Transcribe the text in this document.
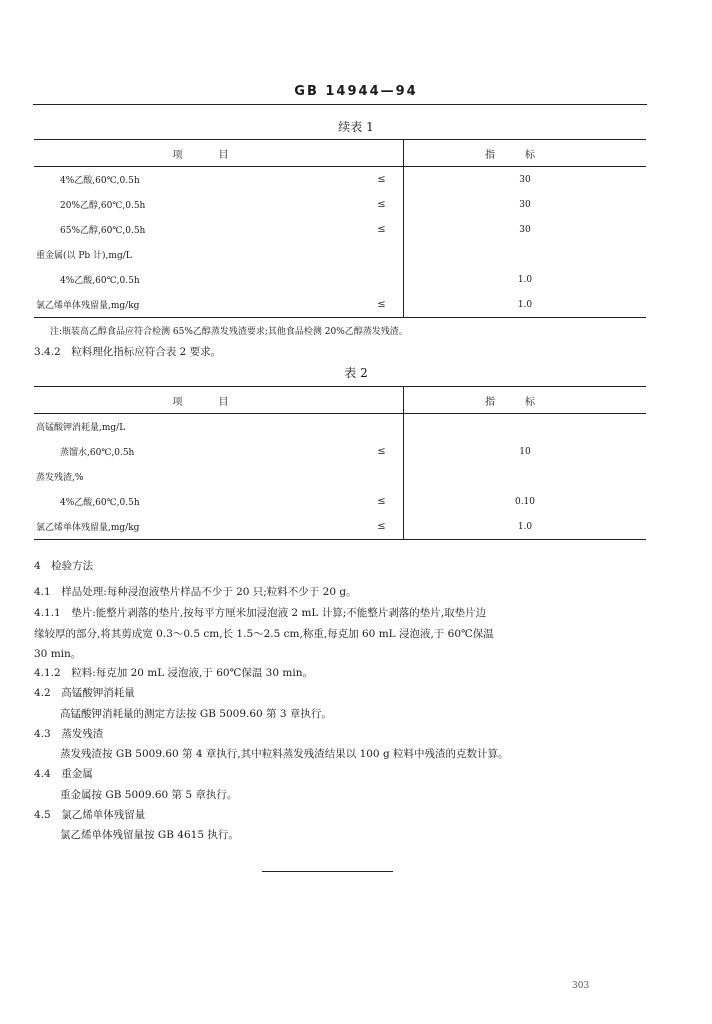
GB 14944—94
续表 1
项目		指标
4%乙酸,60℃,0.5h	≤	30
20%乙醇,60℃,0.5h	≤	30
65%乙醇,60℃,0.5h	≤	30
重金属(以 Pb 计),mg/L		
4%乙酸,60℃,0.5h		1.0
氯乙烯单体残留量,mg/kg	≤	1.0
注:瓶装高乙醇食品应符合检测 65%乙醇蒸发残渣要求;其他食品检测 20%乙醇蒸发残渣。
3.4.2　粒料理化指标应符合表 2 要求。
表 2
项目		指标
高锰酸钾消耗量,mg/L		
蒸馏水,60℃,0.5h	≤	10
蒸发残渣,%		
4%乙酸,60℃,0.5h	≤	0.10
氯乙烯单体残留量,mg/kg	≤	1.0
4　检验方法
4.1　样品处理:每种浸泡液垫片样品不少于 20 只;粒料不少于 20 g。
4.1.1　垫片:能整片剥落的垫片,按每平方厘米加浸泡液 2 mL 计算;不能整片剥落的垫片,取垫片边
缘较厚的部分,将其剪成宽 0.3～0.5 cm,长 1.5～2.5 cm,称重,每克加 60 mL 浸泡液,于 60℃保温
30 min。
4.1.2　粒料:每克加 20 mL 浸泡液,于 60℃保温 30 min。
4.2　高锰酸钾消耗量
高锰酸钾消耗量的测定方法按 GB 5009.60 第 3 章执行。
4.3　蒸发残渣
蒸发残渣按 GB 5009.60 第 4 章执行,其中粒料蒸发残渣结果以 100 g 粒料中残渣的克数计算。
4.4　重金属
重金属按 GB 5009.60 第 5 章执行。
4.5　氯乙烯单体残留量
氯乙烯单体残留量按 GB 4615 执行。
303
